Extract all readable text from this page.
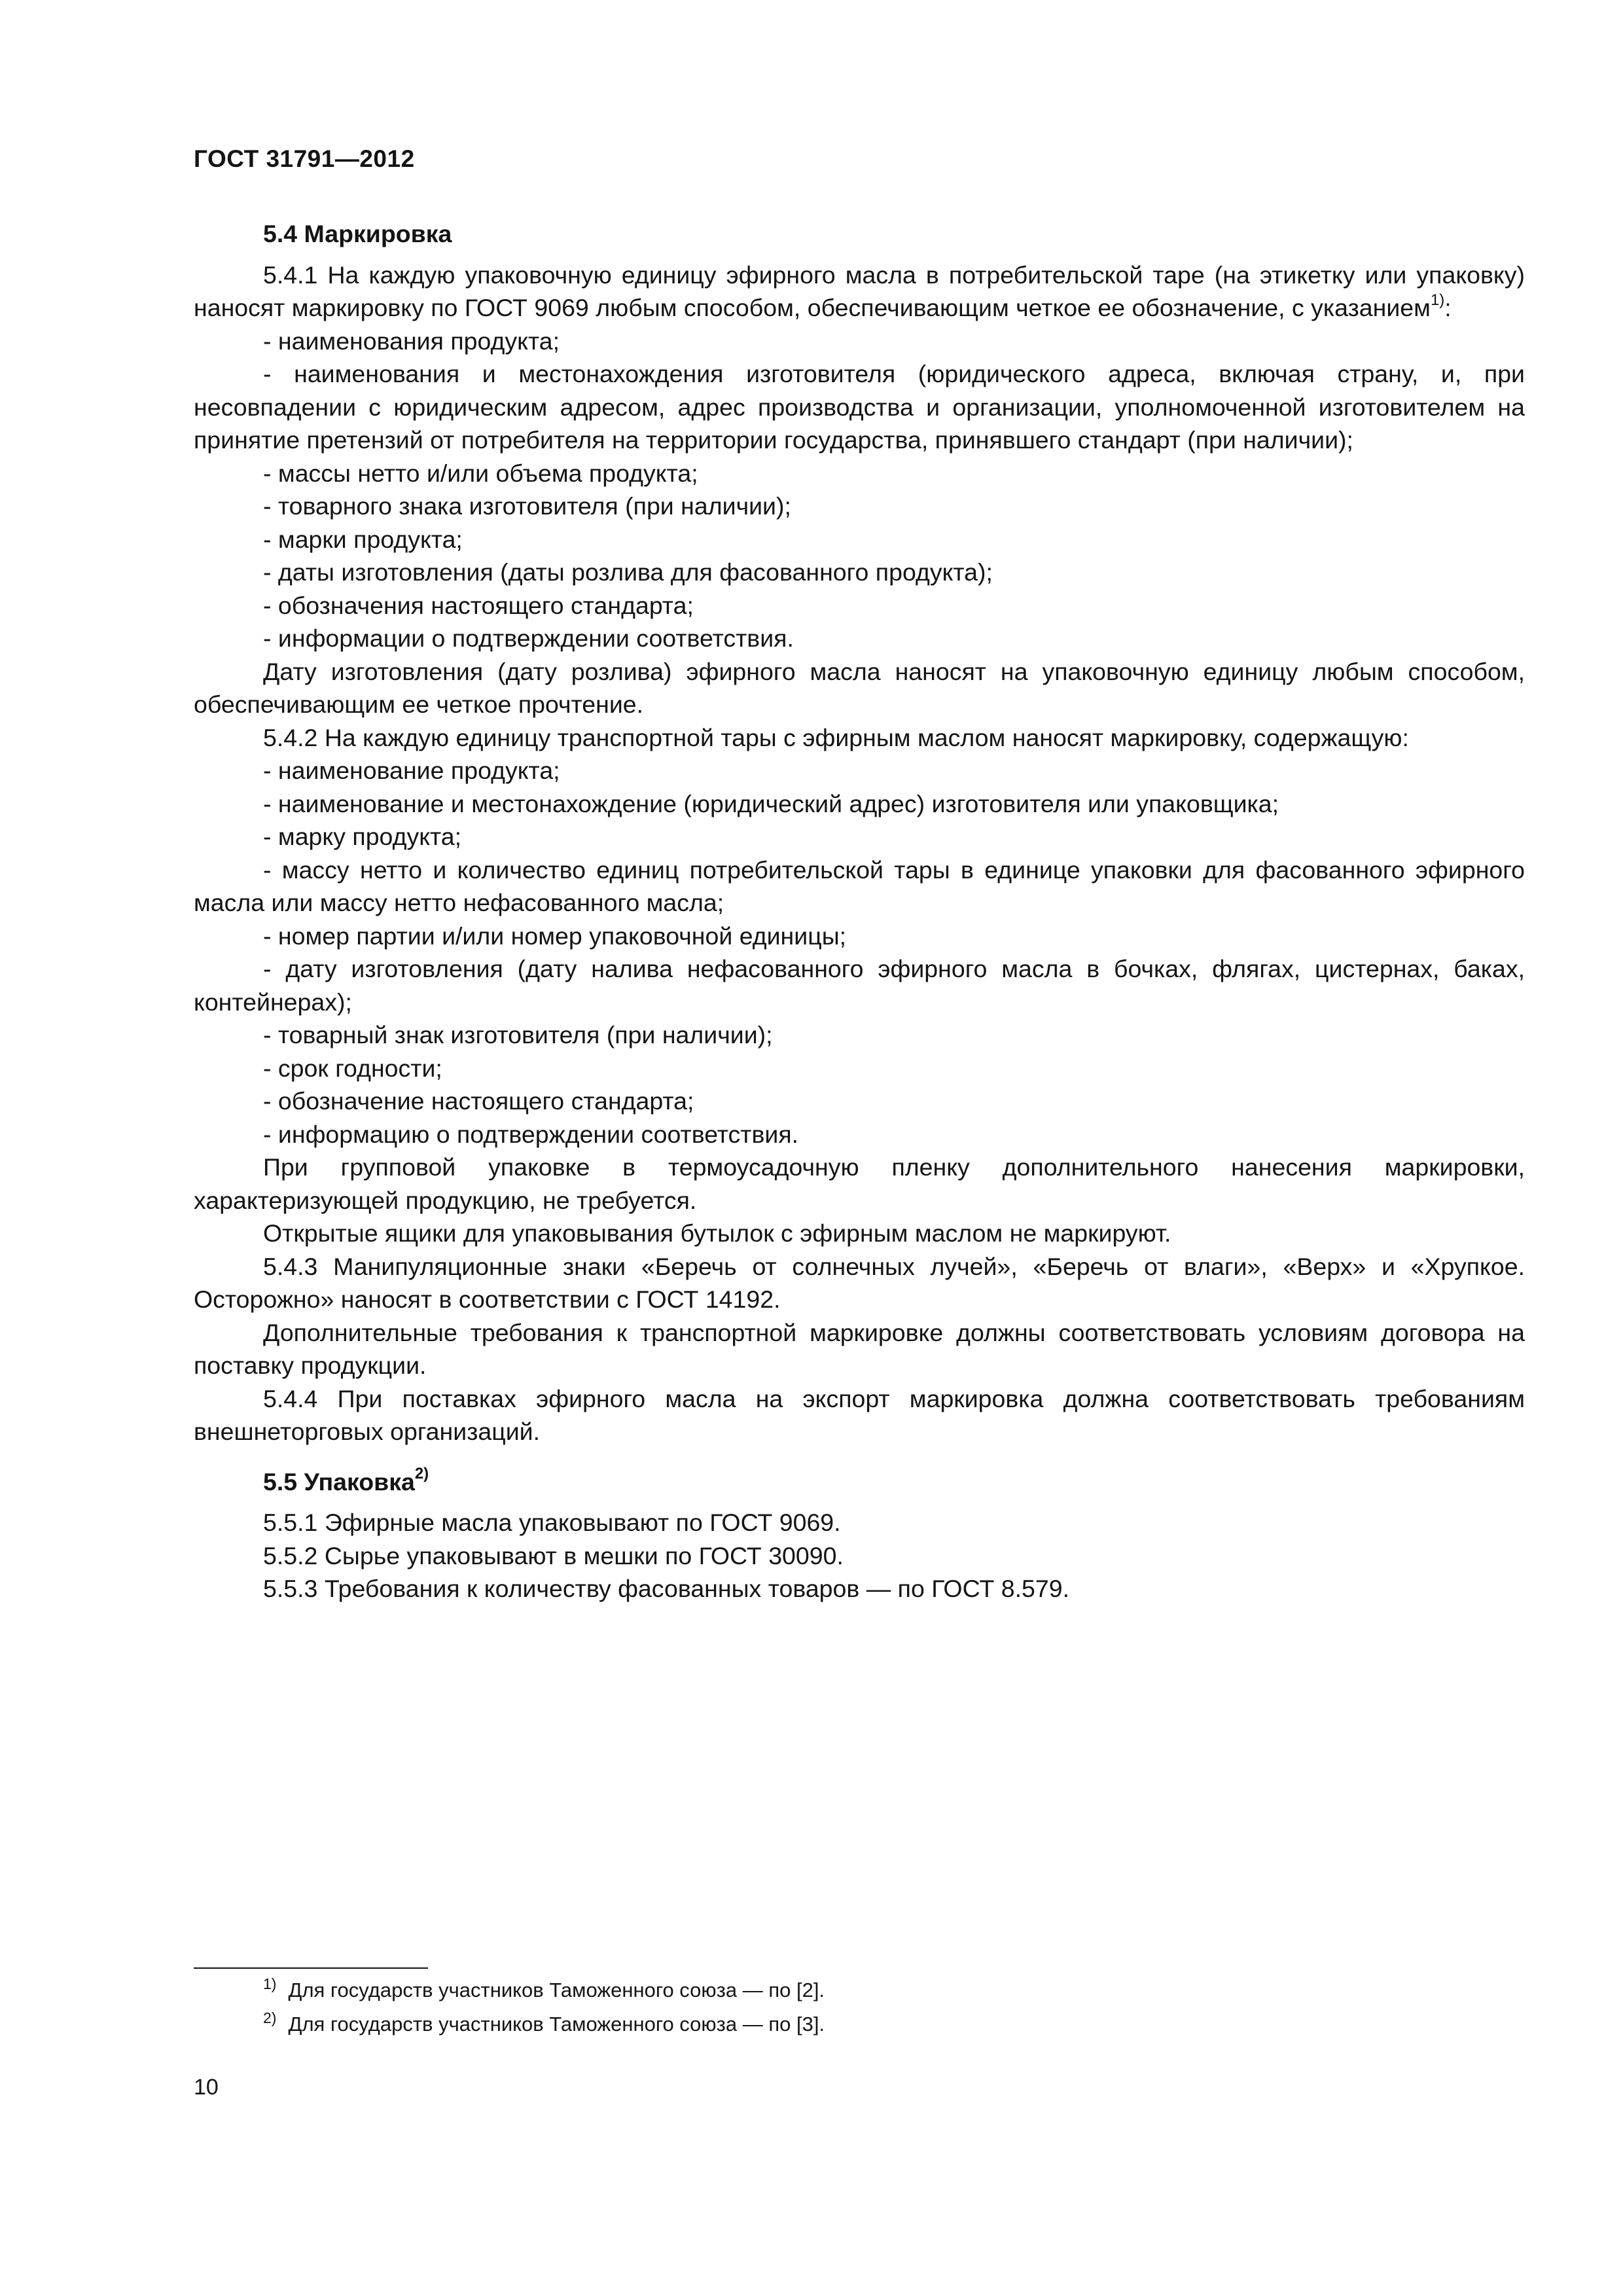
ГОСТ 31791—2012
5.4 Маркировка

5.4.1 На каждую упаковочную единицу эфирного масла в потребительской таре (на этикетку или упаковку) наносят маркировку по ГОСТ 9069 любым способом, обеспечивающим четкое ее обозначение, с указанием$^{1)}$:

- наименования продукта;

- наименования и местонахождения изготовителя (юридического адреса, включая страну, и, при несовпадении с юридическим адресом, адрес производства и организации, уполномоченной изготовителем на принятие претензий от потребителя на территории государства, принявшего стандарт (при наличии);

- массы нетто и/или объема продукта;

- товарного знака изготовителя (при наличии);

- марки продукта;

- даты изготовления (даты розлива для фасованного продукта);

- обозначения настоящего стандарта;

- информации о подтверждении соответствия.

Дату изготовления (дату розлива) эфирного масла наносят на упаковочную единицу любым способом, обеспечивающим ее четкое прочтение.

5.4.2 На каждую единицу транспортной тары с эфирным маслом наносят маркировку, содержащую:

- наименование продукта;

- наименование и местонахождение (юридический адрес) изготовителя или упаковщика;

- марку продукта;

- массу нетто и количество единиц потребительской тары в единице упаковки для фасованного эфирного масла или массу нетто нефасованного масла;

- номер партии и/или номер упаковочной единицы;

- дату изготовления (дату налива нефасованного эфирного масла в бочках, флягах, цистернах, баках, контейнерах);

- товарный знак изготовителя (при наличии);

- срок годности;

- обозначение настоящего стандарта;

- информацию о подтверждении соответствия.

При групповой упаковке в термоусадочную пленку дополнительного нанесения маркировки, характеризующей продукцию, не требуется.

Открытые ящики для упаковывания бутылок с эфирным маслом не маркируют.

5.4.3 Манипуляционные знаки «Беречь от солнечных лучей», «Беречь от влаги», «Верх» и «Хрупкое. Осторожно» наносят в соответствии с ГОСТ 14192.

Дополнительные требования к транспортной маркировке должны соответствовать условиям договора на поставку продукции.

5.4.4 При поставках эфирного масла на экспорт маркировка должна соответствовать требованиям внешнеторговых организаций.

5.5 Упаковка$^{2)}$

5.5.1 Эфирные масла упаковывают по ГОСТ 9069.

5.5.2 Сырье упаковывают в мешки по ГОСТ 30090.

5.5.3 Требования к количеству фасованных товаров — по ГОСТ 8.579.

$^{1)}$ Для государств участников Таможенного союза — по [2].

$^{2)}$ Для государств участников Таможенного союза — по [3].

10
